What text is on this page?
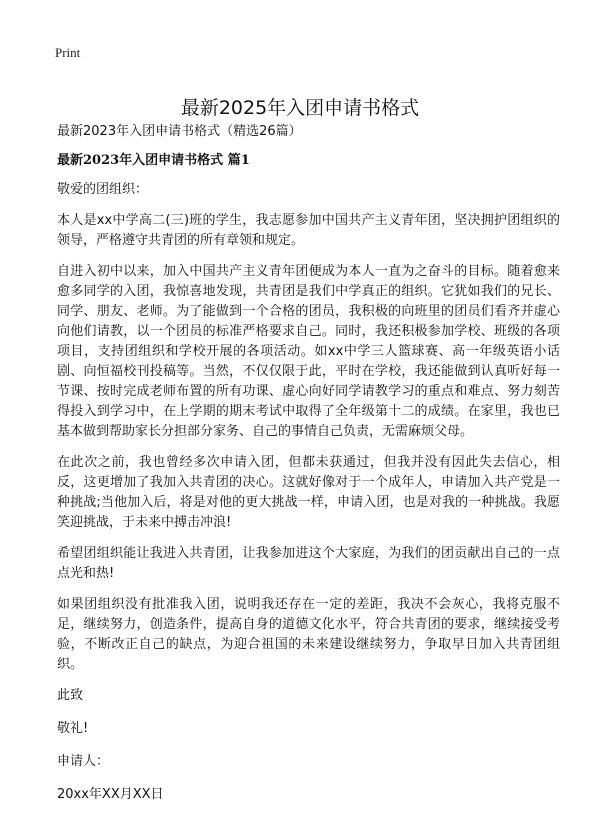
Print
最新2025年入团申请书格式

最新2023年入团申请书格式（精选26篇）

最新2023年入团申请书格式 篇1

敬爱的团组织：

本人是xx中学高二(三)班的学生，我志愿参加中国共产主义青年团，坚决拥护团组织的领导，严格遵守共青团的所有章领和规定。

自进入初中以来，加入中国共产主义青年团便成为本人一直为之奋斗的目标。随着愈来愈多同学的入团，我惊喜地发现，共青团是我们中学真正的组织。它犹如我们的兄长、同学、朋友、老师。为了能做到一个合格的团员，我积极的向班里的团员们看齐并虚心向他们请教，以一个团员的标准严格要求自己。同时，我还积极参加学校、班级的各项项目，支持团组织和学校开展的各项活动。如xx中学三人篮球赛、高一年级英语小话剧、向恒福校刊投稿等。当然，不仅仅限于此，平时在学校，我还能做到认真听好每一节课、按时完成老师布置的所有功课、虚心向好同学请教学习的重点和难点、努力刻苦得投入到学习中，在上学期的期末考试中取得了全年级第十二的成绩。在家里，我也已基本做到帮助家长分担部分家务、自己的事情自己负责，无需麻烦父母。

在此次之前，我也曾经多次申请入团，但都未获通过，但我并没有因此失去信心，相反，这更增加了我加入共青团的决心。这就好像对于一个成年人，申请加入共产党是一种挑战;当他加入后，将是对他的更大挑战一样，申请入团，也是对我的一种挑战。我愿笑迎挑战，于未来中搏击冲浪!

希望团组织能让我进入共青团，让我参加进这个大家庭，为我们的团贡献出自己的一点点光和热!

如果团组织没有批准我入团，说明我还存在一定的差距，我决不会灰心，我将克服不足，继续努力，创造条件，提高自身的道德文化水平，符合共青团的要求，继续接受考验，不断改正自己的缺点，为迎合祖国的未来建设继续努力，争取早日加入共青团组织。

此致

敬礼!

申请人：

20xx年XX月XX日
